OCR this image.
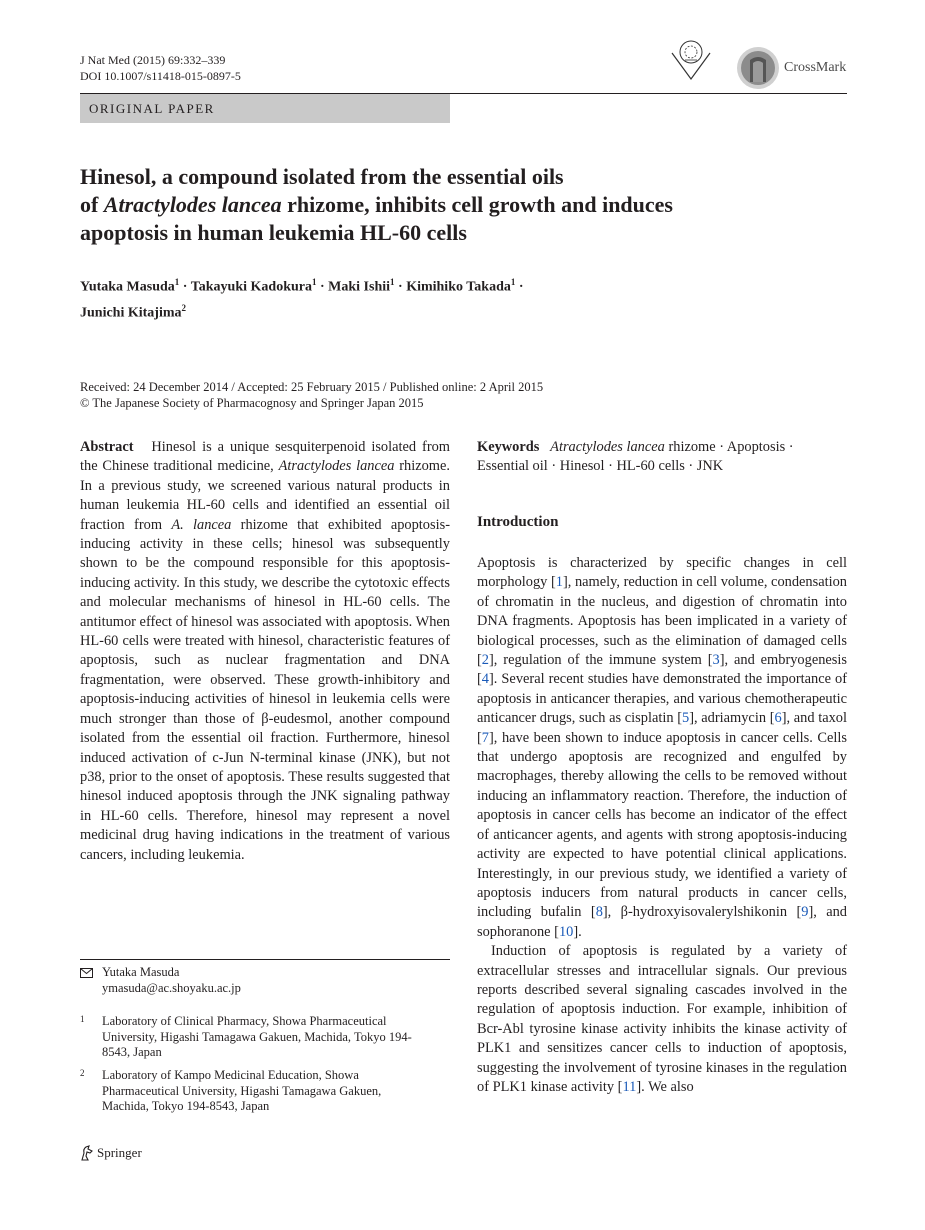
J Nat Med (2015) 69:332–339
DOI 10.1007/s11418-015-0897-5
CrossMark
ORIGINAL PAPER
Hinesol, a compound isolated from the essential oils
of Atractylodes lancea rhizome, inhibits cell growth and induces
apoptosis in human leukemia HL-60 cells
Yutaka Masuda$^1$ · Takayuki Kadokura$^1$ · Maki Ishii$^1$ · Kimihiko Takada$^1$ ·
Junichi Kitajima$^2$
Received: 24 December 2014 / Accepted: 25 February 2015 / Published online: 2 April 2015
© The Japanese Society of Pharmacognosy and Springer Japan 2015
Abstract Hinesol is a unique sesquiterpenoid isolated from the Chinese traditional medicine, Atractylodes lancea rhizome. In a previous study, we screened various natural products in human leukemia HL-60 cells and identified an essential oil fraction from A. lancea rhizome that exhibited apoptosis-inducing activity in these cells; hinesol was subsequently shown to be the compound responsible for this apoptosis-inducing activity. In this study, we describe the cytotoxic effects and molecular mechanisms of hinesol in HL-60 cells. The antitumor effect of hinesol was associated with apoptosis. When HL-60 cells were treated with hinesol, characteristic features of apoptosis, such as nuclear fragmentation and DNA fragmentation, were observed. These growth-inhibitory and apoptosis-inducing activities of hinesol in leukemia cells were much stronger than those of β-eudesmol, another compound isolated from the essential oil fraction. Furthermore, hinesol induced activation of c-Jun N-terminal kinase (JNK), but not p38, prior to the onset of apoptosis. These results suggested that hinesol induced apoptosis through the JNK signaling pathway in HL-60 cells. Therefore, hinesol may represent a novel medicinal drug having indications in the treatment of various cancers, including leukemia.
Keywords Atractylodes lancea rhizome · Apoptosis · Essential oil · Hinesol · HL-60 cells · JNK
Introduction

Apoptosis is characterized by specific changes in cell morphology [1], namely, reduction in cell volume, condensation of chromatin in the nucleus, and digestion of chromatin into DNA fragments. Apoptosis has been implicated in a variety of biological processes, such as the elimination of damaged cells [2], regulation of the immune system [3], and embryogenesis [4]. Several recent studies have demonstrated the importance of apoptosis in anticancer therapies, and various chemotherapeutic anticancer drugs, such as cisplatin [5], adriamycin [6], and taxol [7], have been shown to induce apoptosis in cancer cells. Cells that undergo apoptosis are recognized and engulfed by macrophages, thereby allowing the cells to be removed without inducing an inflammatory reaction. Therefore, the induction of apoptosis in cancer cells has become an indicator of the effect of anticancer agents, and agents with strong apoptosis-inducing activity are expected to have potential clinical applications. Interestingly, in our previous study, we identified a variety of apoptosis inducers from natural products in cancer cells, including bufalin [8], β-hydroxyisovalerylshikonin [9], and sophoranone [10].

Induction of apoptosis is regulated by a variety of extracellular stresses and intracellular signals. Our previous reports described several signaling cascades involved in the regulation of apoptosis induction. For example, inhibition of Bcr-Abl tyrosine kinase activity inhibits the kinase activity of PLK1 and sensitizes cancer cells to induction of apoptosis, suggesting the involvement of tyrosine kinases in the regulation of PLK1 kinase activity [11]. We also

Yutaka Masuda
ymasuda@ac.shoyaku.ac.jp
1 Laboratory of Clinical Pharmacy, Showa Pharmaceutical University, Higashi Tamagawa Gakuen, Machida, Tokyo 194-8543, Japan
2 Laboratory of Kampo Medicinal Education, Showa Pharmaceutical University, Higashi Tamagawa Gakuen, Machida, Tokyo 194-8543, Japan
Springer
